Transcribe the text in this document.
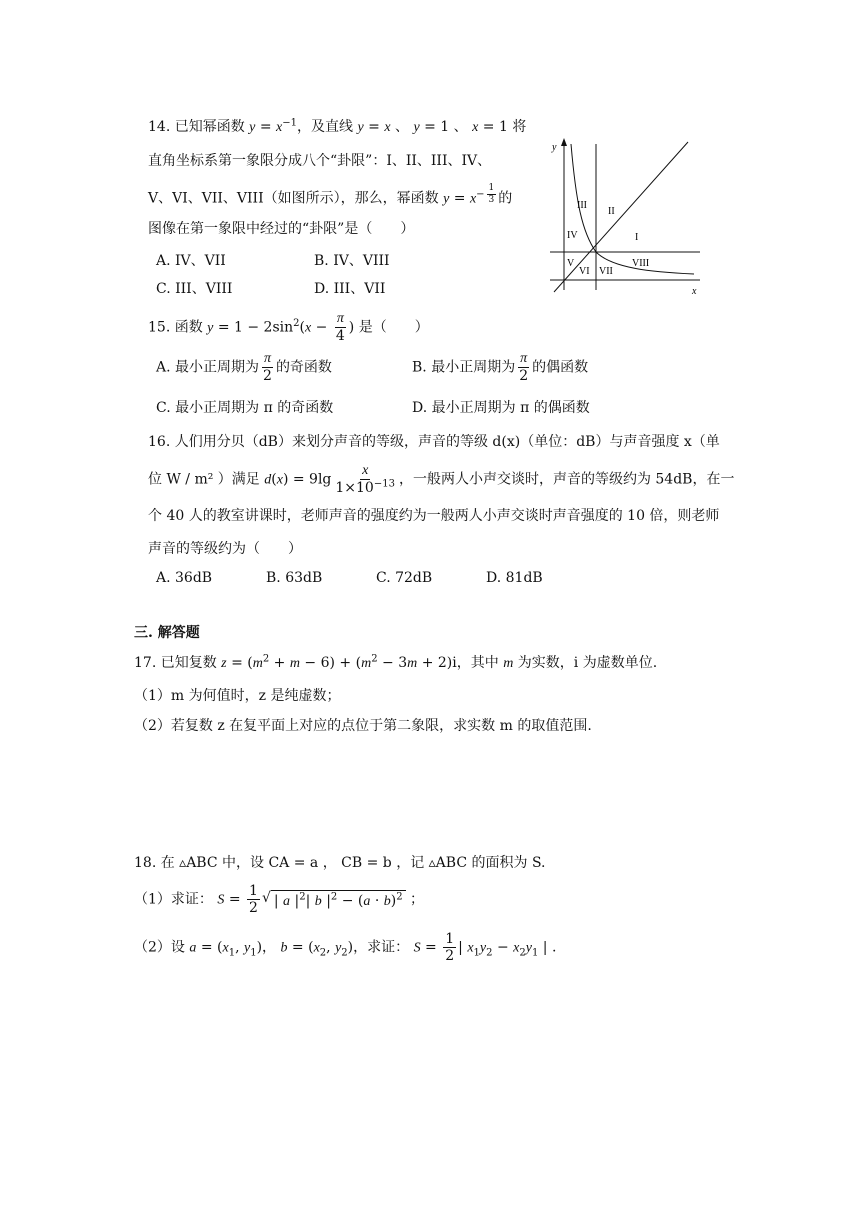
14. 已知幂函数 $y = x^{-1}$，及直线 y = x 、 y = 1 、 x = 1 将
直角坐标系第一象限分成八个“卦限”：I、II、III、IV、
V、VI、VII、VIII（如图所示），那么，幂函数 $y = x^{- \frac{1}{3}}$ 的
图像在第一象限中经过的“卦限”是（　　）
A. IV、VII	B. IV、VIII
C. III、VIII	D. III、VII
y
x
I
II
III
IV
V
VI VII
VIII
15. 函数 $y = 1 - 2\sin^2(x - \frac{\pi}{4}$ ) 是（　　）
A. 最小正周期为 $\frac{\pi}{2}$ 的奇函数	B. 最小正周期为 $\frac{\pi}{2}$ 的偶函数
C. 最小正周期为 π 的奇函数	D. 最小正周期为 π 的偶函数
16. 人们用分贝（dB）来划分声音的等级，声音的等级 d(x)（单位：dB）与声音强度 x（单
位 W / m² ）满足 $d(x) = 9\lg \frac{x}{1\times 10^{-13}}$ ，一般两人小声交谈时，声音的等级约为 54dB，在一
个 40 人的教室讲课时，老师声音的强度约为一般两人小声交谈时声音强度的 10 倍，则老师
声音的等级约为（　　）
A. 36dB	B. 63dB	C. 72dB	D. 81dB
三. 解答题
17. 已知复数 $z = (m^2 + m - 6) + (m^2 - 3m + 2)i$，其中 m 为实数，i 为虚数单位.
（1）m 为何值时，z 是纯虚数；
（2）若复数 z 在复平面上对应的点位于第二象限，求实数 m 的取值范围.
18. 在 ▵ABC 中，设 CA = a ， CB = b ，记 ▵ABC 的面积为 S.
（1）求证： $S = \frac{1}{2}$ √ | a $|^2|$ b $|^2 - (a \cdot b)^2$ ；
（2）设 $a = (x_1$, $y_1$)， $b = (x_2$, $y_2$)，求证： $S = \frac{1}{2}$ | $x_1y_2 - x_2y_1$ | .
